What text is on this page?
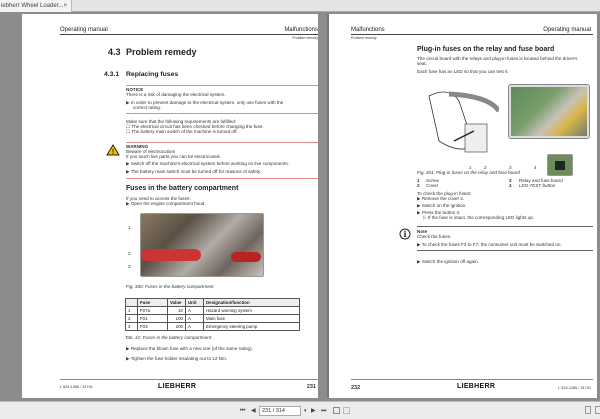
iebherr Wheel Loader... ×
Operating manual	Malfunctions
Problem remedy
4.3 Problem remedy
4.3.1 Replacing fuses
NOTICE
There is a risk of damaging the electrical system.
▶ In order to prevent damage to the electrical system, only use fuses with the
correct rating.
Make sure that the following requirements are fulfilled:
☐ The electrical circuit has been checked before changing the fuse.
☐ The battery main switch of the machine is turned off.
!
WARNING
Beware of electrocution!
If you touch live parts you can be electrocuted.
▶ Switch off the machine's electrical system before working on live components.
▶ The battery main switch must be turned off for reasons of safety.
Fuses in the battery compartment
If you need to access the fuses:
▶ Open the engine compartment hood.
1
2
3
Fig. 300: Fuses in the battery compartment
	Fuse	Value	Unit	Designation/function
1	F07a	10	A	Hazard warning system
2	F01	100	A	Main fuse
3	F03	200	A	Emergency steering pump
Tab. 41: Fuses in the battery compartment
▶ Replace the blown fuse with a new one (of the same rating).
▶ Tighten the fuse holder insulating nut to 12 Nm.
L 524-1266 / 31741	LIEBHERR	231
Malfunctions	Operating manual
Problem remedy
Plug-in fuses on the relay and fuse board
The circuit board with the relays and plug-in fuses is located behind the driver's
seat.
Each fuse has an LED so that you can test it.
1	2	3	4
Fig. 301: Plug-in fuses on the relay and fuse board
1 Screw
2 Cover
3 Relay and fuse board
4 LED-TEST button
To check the plug-in fuses:
▶ Remove the cover 2.
▶ Switch on the ignition.
▶ Press the button 4.
▷ If the fuse is intact, the corresponding LED lights up.
i Note
Check the fuses.
▶ To check the fuses F3 to F7, the consumer unit must be switched on.
▶ Switch the ignition off again.
232	LIEBHERR	L 524-1266 / 31741
⏮ ◀	231 / 314	▾ ▶ ⏭
